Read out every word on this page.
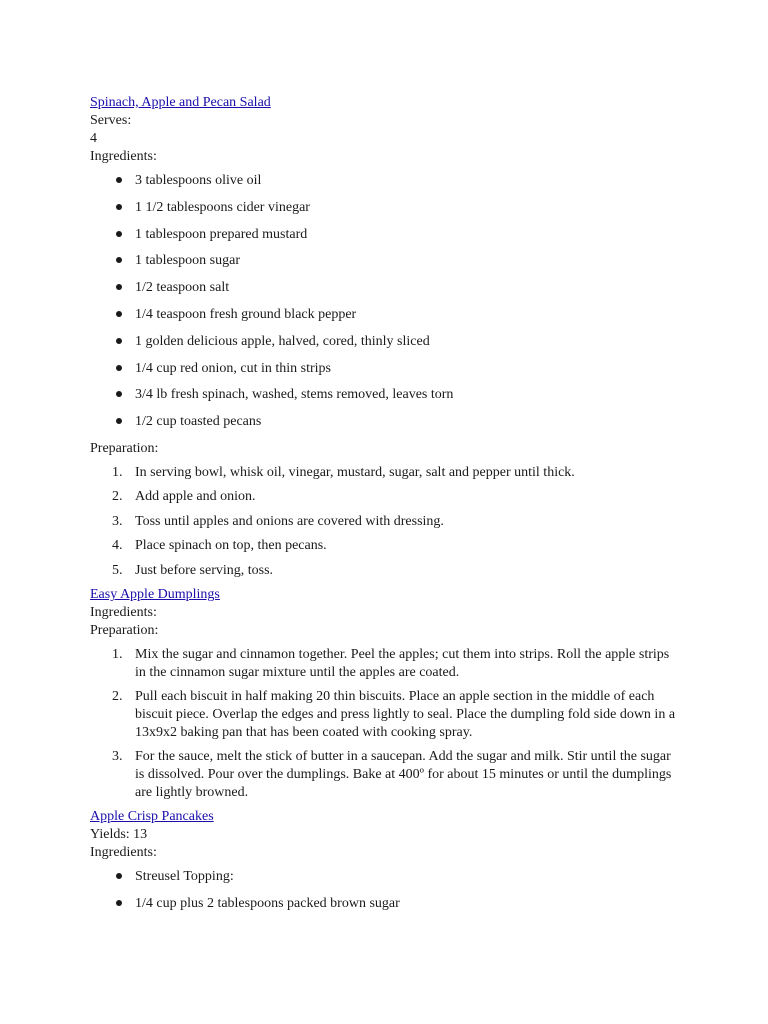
Spinach, Apple and Pecan Salad
Serves:
4
Ingredients:
3 tablespoons olive oil
1 1/2 tablespoons cider vinegar
1 tablespoon prepared mustard
1 tablespoon sugar
1/2 teaspoon salt
1/4 teaspoon fresh ground black pepper
1 golden delicious apple, halved, cored, thinly sliced
1/4 cup red onion, cut in thin strips
3/4 lb fresh spinach, washed, stems removed, leaves torn
1/2 cup toasted pecans
Preparation:
1. In serving bowl, whisk oil, vinegar, mustard, sugar, salt and pepper until thick.
2. Add apple and onion.
3. Toss until apples and onions are covered with dressing.
4. Place spinach on top, then pecans.
5. Just before serving, toss.
Easy Apple Dumplings
Ingredients:
Preparation:
1. Mix the sugar and cinnamon together. Peel the apples; cut them into strips. Roll the apple strips in the cinnamon sugar mixture until the apples are coated.
2. Pull each biscuit in half making 20 thin biscuits. Place an apple section in the middle of each biscuit piece. Overlap the edges and press lightly to seal. Place the dumpling fold side down in a 13x9x2 baking pan that has been coated with cooking spray.
3. For the sauce, melt the stick of butter in a saucepan. Add the sugar and milk. Stir until the sugar is dissolved. Pour over the dumplings. Bake at 400º for about 15 minutes or until the dumplings are lightly browned.
Apple Crisp Pancakes
Yields: 13
Ingredients:
Streusel Topping:
1/4 cup plus 2 tablespoons packed brown sugar
